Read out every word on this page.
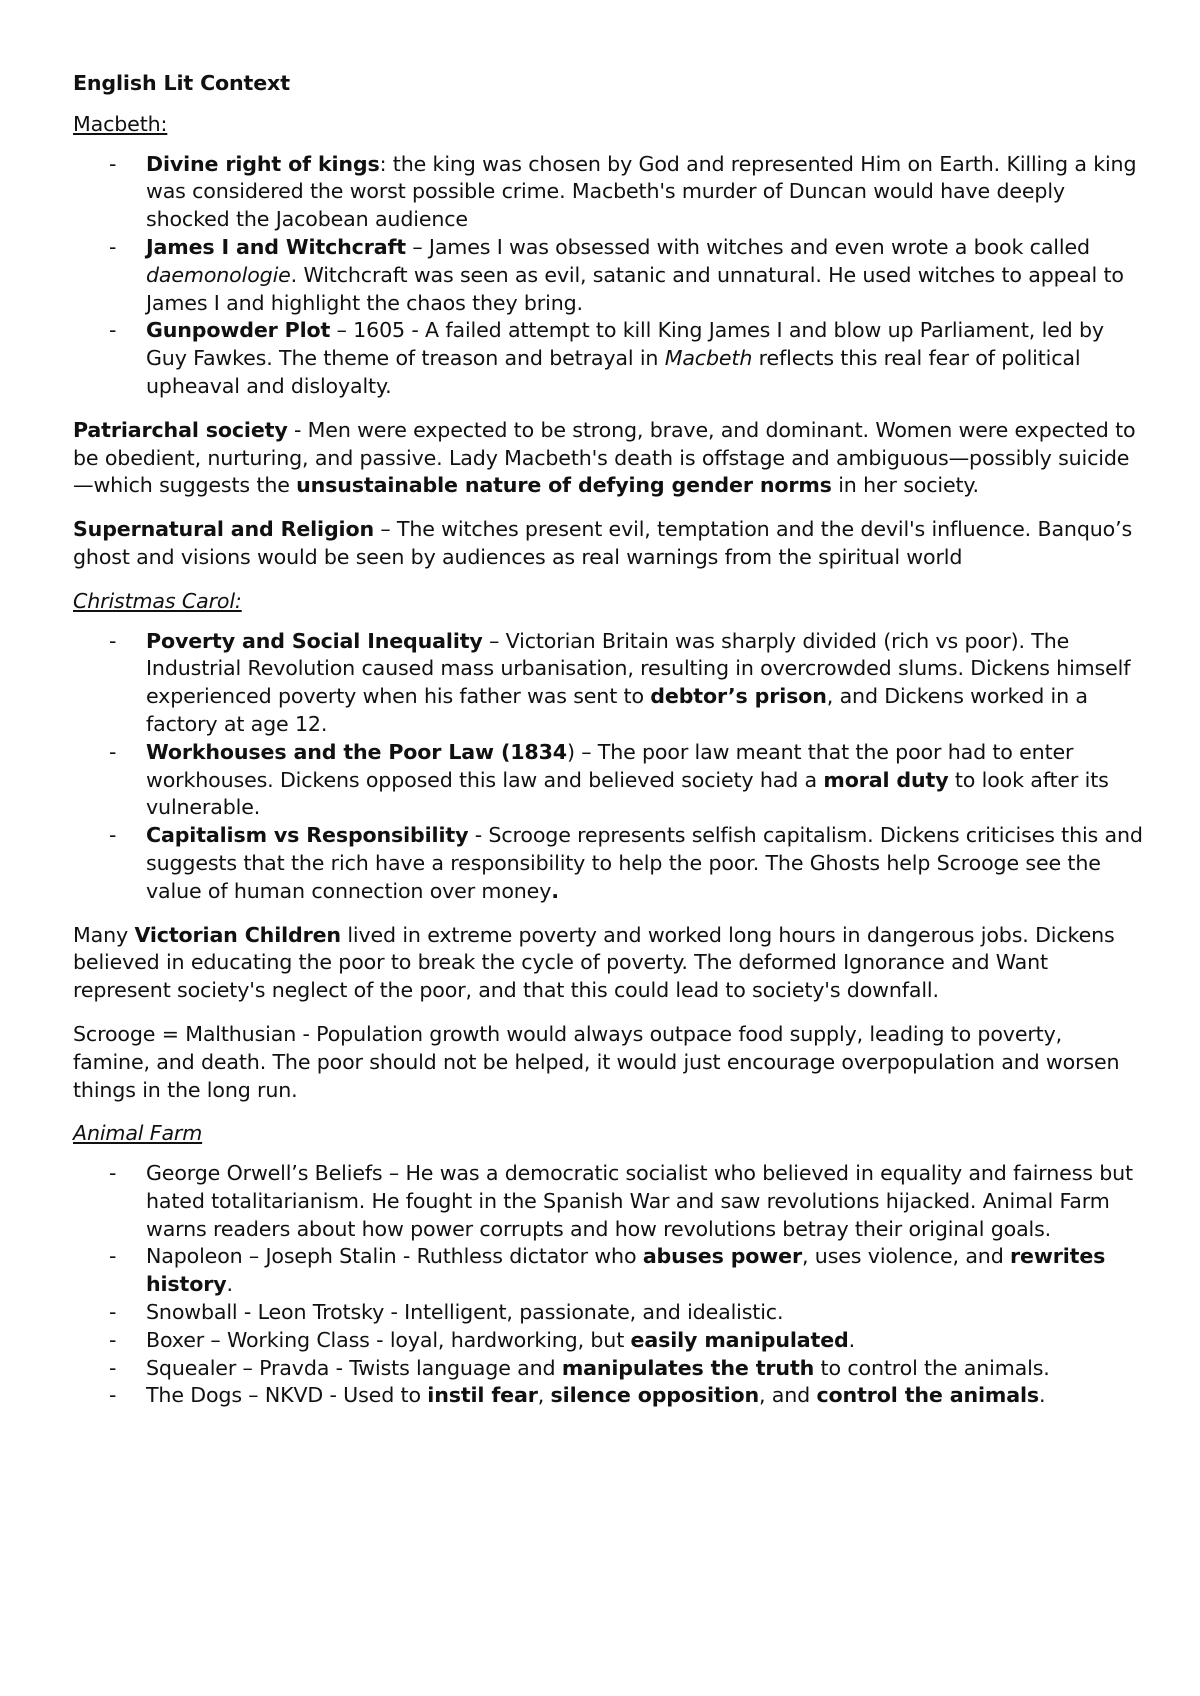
English Lit Context
Macbeth:
- Divine right of kings: the king was chosen by God and represented Him on Earth. Killing a king was considered the worst possible crime. Macbeth's murder of Duncan would have deeply shocked the Jacobean audience
- James I and Witchcraft – James I was obsessed with witches and even wrote a book called daemonologie. Witchcraft was seen as evil, satanic and unnatural. He used witches to appeal to James I and highlight the chaos they bring.
- Gunpowder Plot – 1605 - A failed attempt to kill King James I and blow up Parliament, led by Guy Fawkes. The theme of treason and betrayal in Macbeth reflects this real fear of political upheaval and disloyalty.

Patriarchal society - Men were expected to be strong, brave, and dominant. Women were expected to be obedient, nurturing, and passive. Lady Macbeth's death is offstage and ambiguous—possibly suicide—which suggests the unsustainable nature of defying gender norms in her society.

Supernatural and Religion – The witches present evil, temptation and the devil's influence. Banquo’s ghost and visions would be seen by audiences as real warnings from the spiritual world

Christmas Carol:
- Poverty and Social Inequality – Victorian Britain was sharply divided (rich vs poor). The Industrial Revolution caused mass urbanisation, resulting in overcrowded slums. Dickens himself experienced poverty when his father was sent to debtor’s prison, and Dickens worked in a factory at age 12.
- Workhouses and the Poor Law (1834) – The poor law meant that the poor had to enter workhouses. Dickens opposed this law and believed society had a moral duty to look after its vulnerable.
- Capitalism vs Responsibility - Scrooge represents selfish capitalism. Dickens criticises this and suggests that the rich have a responsibility to help the poor. The Ghosts help Scrooge see the value of human connection over money.

Many Victorian Children lived in extreme poverty and worked long hours in dangerous jobs. Dickens believed in educating the poor to break the cycle of poverty. The deformed Ignorance and Want represent society's neglect of the poor, and that this could lead to society's downfall.

Scrooge = Malthusian - Population growth would always outpace food supply, leading to poverty, famine, and death. The poor should not be helped, it would just encourage overpopulation and worsen things in the long run.

Animal Farm
- George Orwell’s Beliefs – He was a democratic socialist who believed in equality and fairness but hated totalitarianism. He fought in the Spanish War and saw revolutions hijacked. Animal Farm warns readers about how power corrupts and how revolutions betray their original goals.
- Napoleon – Joseph Stalin - Ruthless dictator who abuses power, uses violence, and rewrites history.
- Snowball - Leon Trotsky - Intelligent, passionate, and idealistic.
- Boxer – Working Class - loyal, hardworking, but easily manipulated.
- Squealer – Pravda - Twists language and manipulates the truth to control the animals.
- The Dogs – NKVD - Used to instil fear, silence opposition, and control the animals.
